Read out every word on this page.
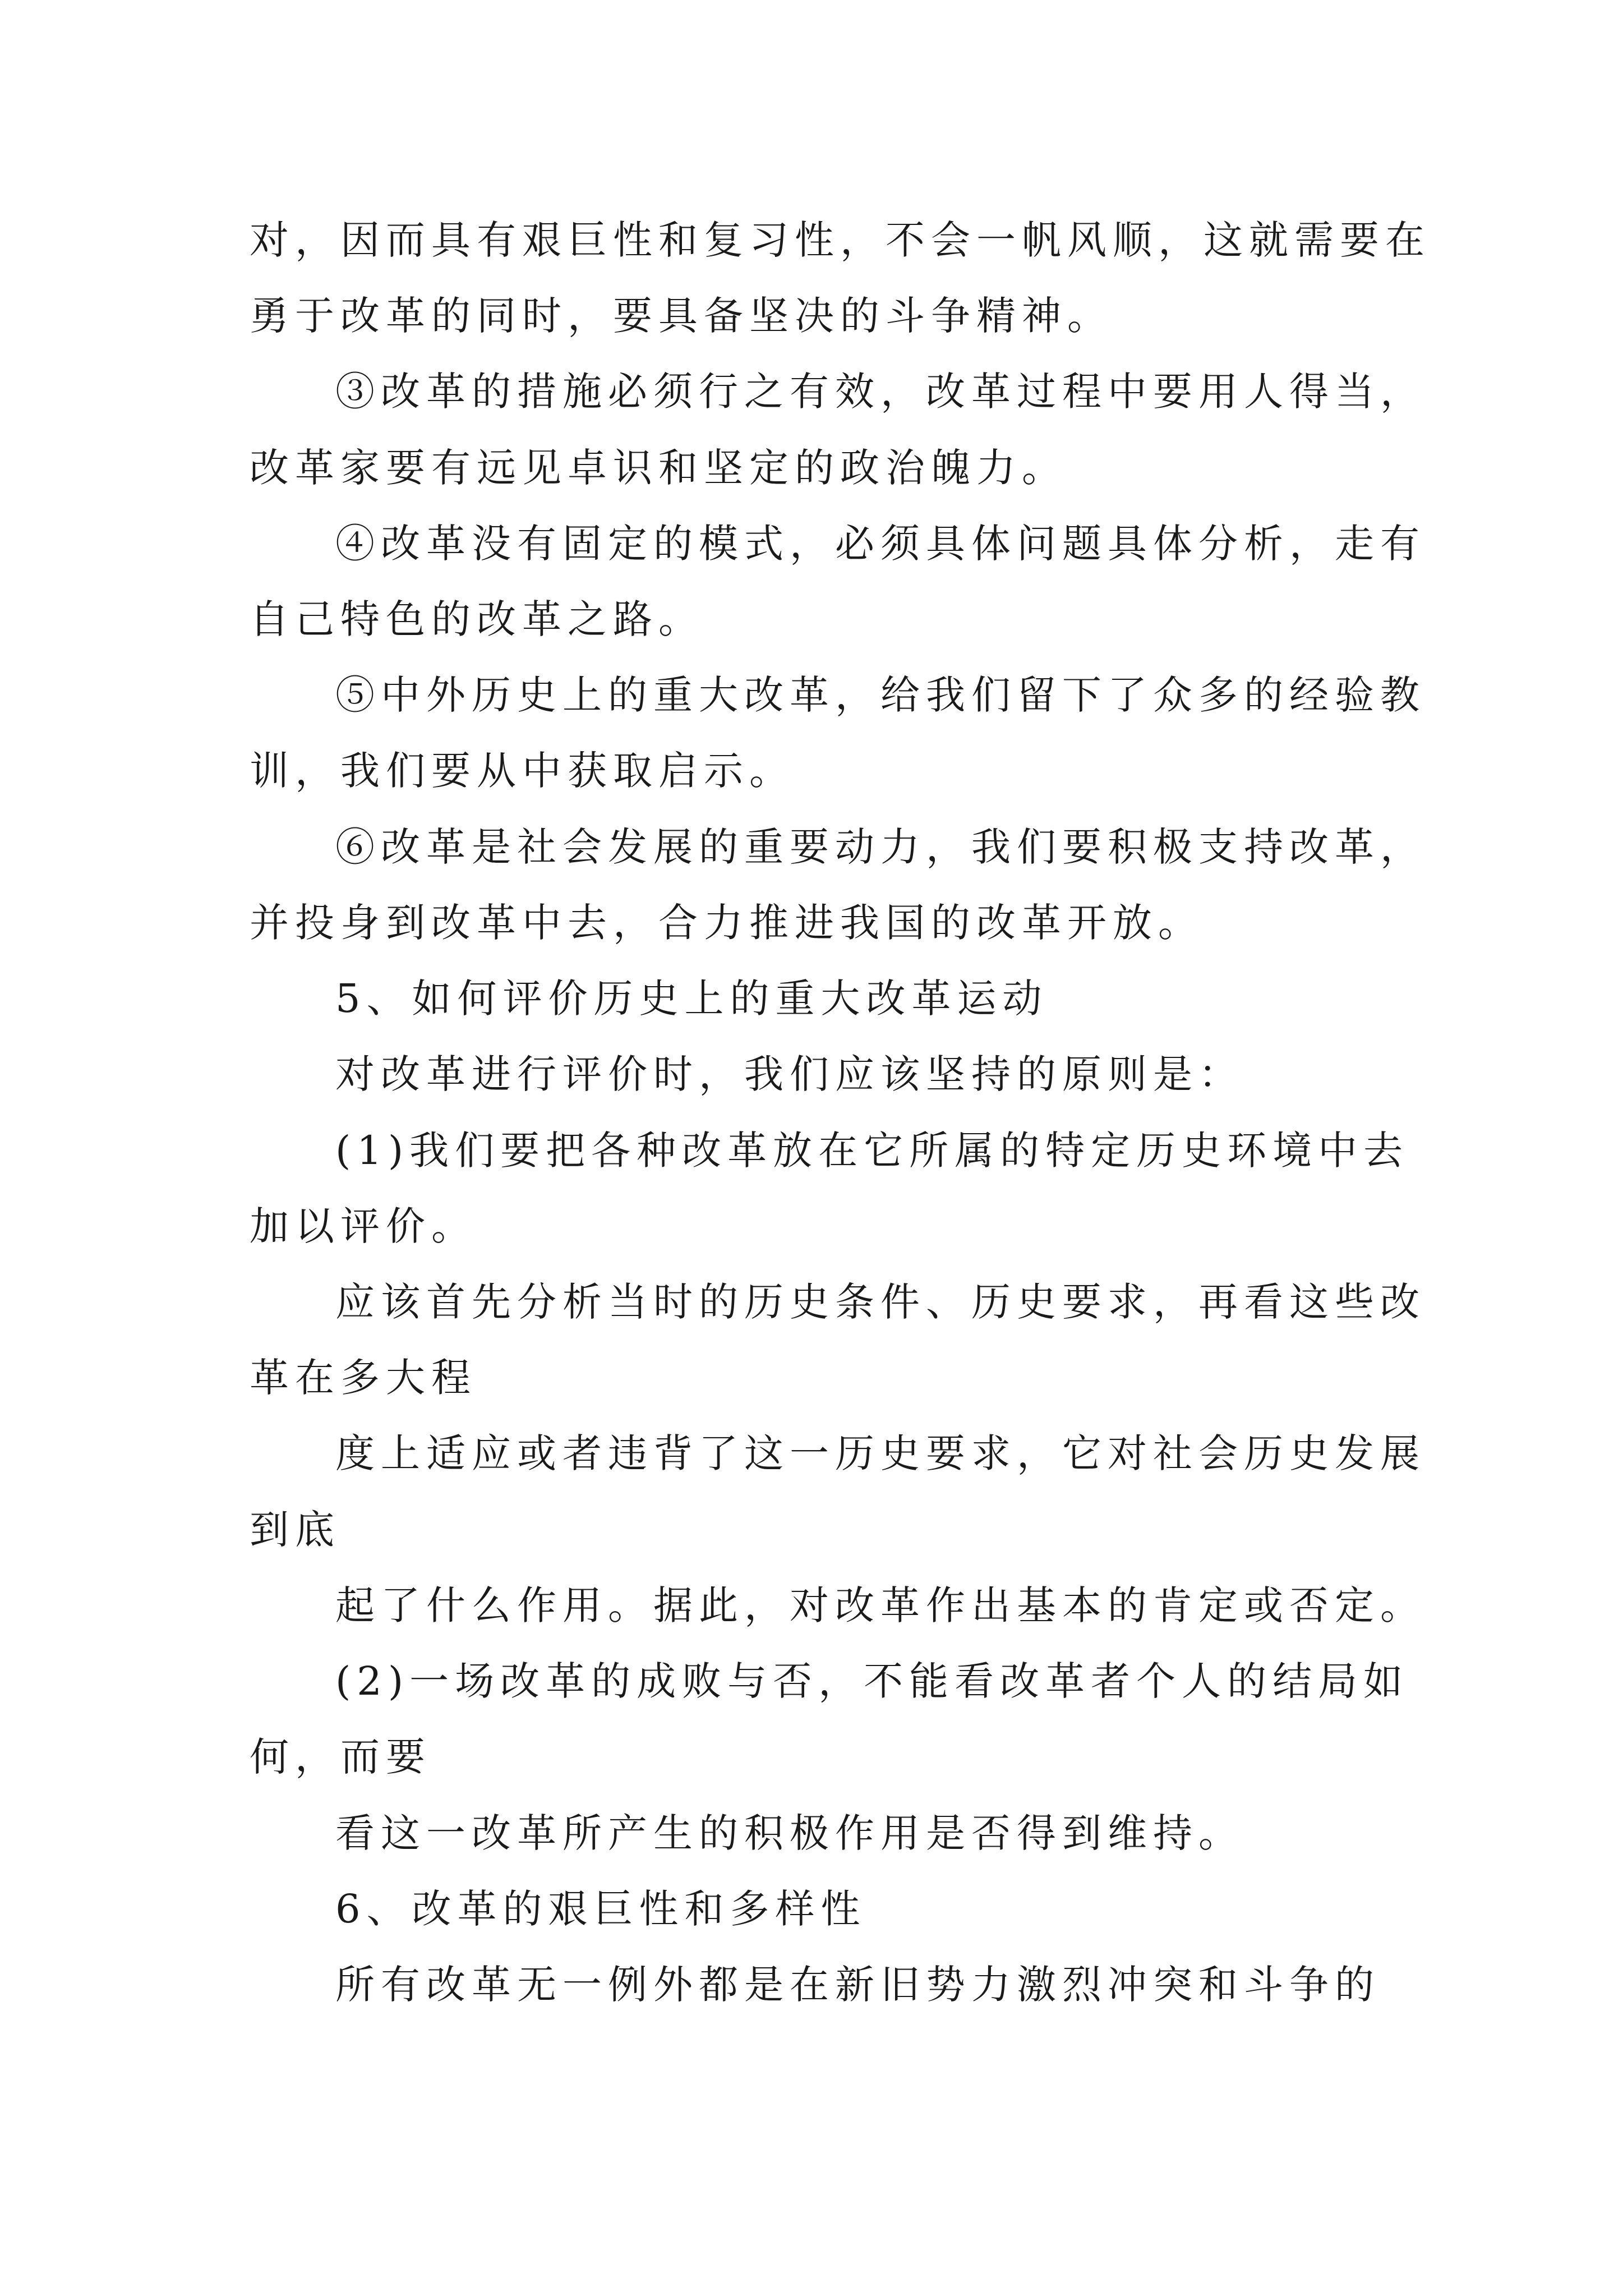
对，因而具有艰巨性和复习性，不会一帆风顺，这就需要在
勇于改革的同时，要具备坚决的斗争精神。
③改革的措施必须行之有效，改革过程中要用人得当，
改革家要有远见卓识和坚定的政治魄力。
④改革没有固定的模式，必须具体问题具体分析，走有
自己特色的改革之路。
⑤中外历史上的重大改革，给我们留下了众多的经验教
训，我们要从中获取启示。
⑥改革是社会发展的重要动力，我们要积极支持改革，
并投身到改革中去，合力推进我国的改革开放。
5、如何评价历史上的重大改革运动
对改革进行评价时，我们应该坚持的原则是：
(1)我们要把各种改革放在它所属的特定历史环境中去
加以评价。
应该首先分析当时的历史条件、历史要求，再看这些改
革在多大程
度上适应或者违背了这一历史要求，它对社会历史发展
到底
起了什么作用。据此，对改革作出基本的肯定或否定。
(2)一场改革的成败与否，不能看改革者个人的结局如
何，而要
看这一改革所产生的积极作用是否得到维持。
6、改革的艰巨性和多样性
所有改革无一例外都是在新旧势力激烈冲突和斗争的
